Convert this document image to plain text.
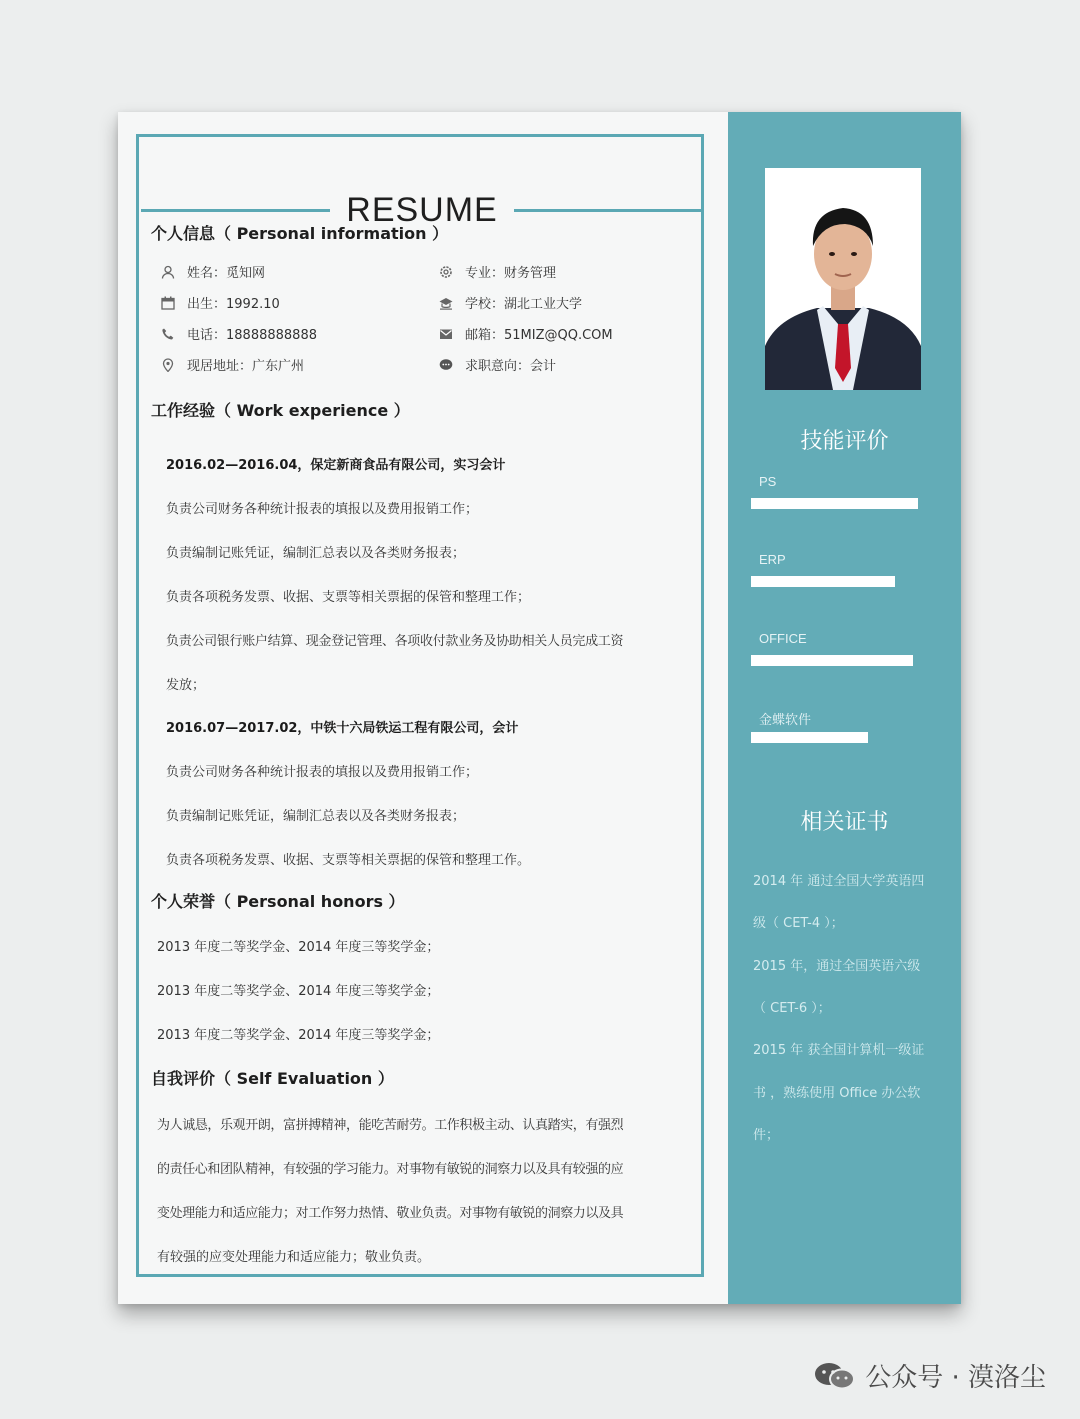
RESUME
个人信息（ Personal information ）
姓名：觅知网
出生：1992.10
电话：18888888888
现居地址：广东广州
专业：财务管理
学校：湖北工业大学
邮箱：51MIZ@QQ.COM
求职意向：会计
工作经验（ Work experience ）
2016.02—2016.04，保定新商食品有限公司，实习会计
负责公司财务各种统计报表的填报以及费用报销工作；
负责编制记账凭证，编制汇总表以及各类财务报表；
负责各项税务发票、收据、支票等相关票据的保管和整理工作；
负责公司银行账户结算、现金登记管理、各项收付款业务及协助相关人员完成工资
发放；
2016.07—2017.02，中铁十六局铁运工程有限公司，会计
负责公司财务各种统计报表的填报以及费用报销工作；
负责编制记账凭证，编制汇总表以及各类财务报表；
负责各项税务发票、收据、支票等相关票据的保管和整理工作。
个人荣誉（ Personal honors ）
2013 年度二等奖学金、2014 年度三等奖学金；
2013 年度二等奖学金、2014 年度三等奖学金；
2013 年度二等奖学金、2014 年度三等奖学金；
自我评价（ Self Evaluation ）
为人诚恳，乐观开朗，富拼搏精神，能吃苦耐劳。工作积极主动、认真踏实，有强烈
的责任心和团队精神，有较强的学习能力。对事物有敏锐的洞察力以及具有较强的应
变处理能力和适应能力；对工作努力热情、敬业负责。对事物有敏锐的洞察力以及具
有较强的应变处理能力和适应能力；敬业负责。
技能评价
PS
ERP
OFFICE
金蝶软件
相关证书
2014 年 通过全国大学英语四
级（ CET-4 ）；
2015 年，通过全国英语六级
（ CET-6 ）；
2015 年 获全国计算机一级证
书 ，熟练使用 Office 办公软
件；
公众号 · 漠洛尘
